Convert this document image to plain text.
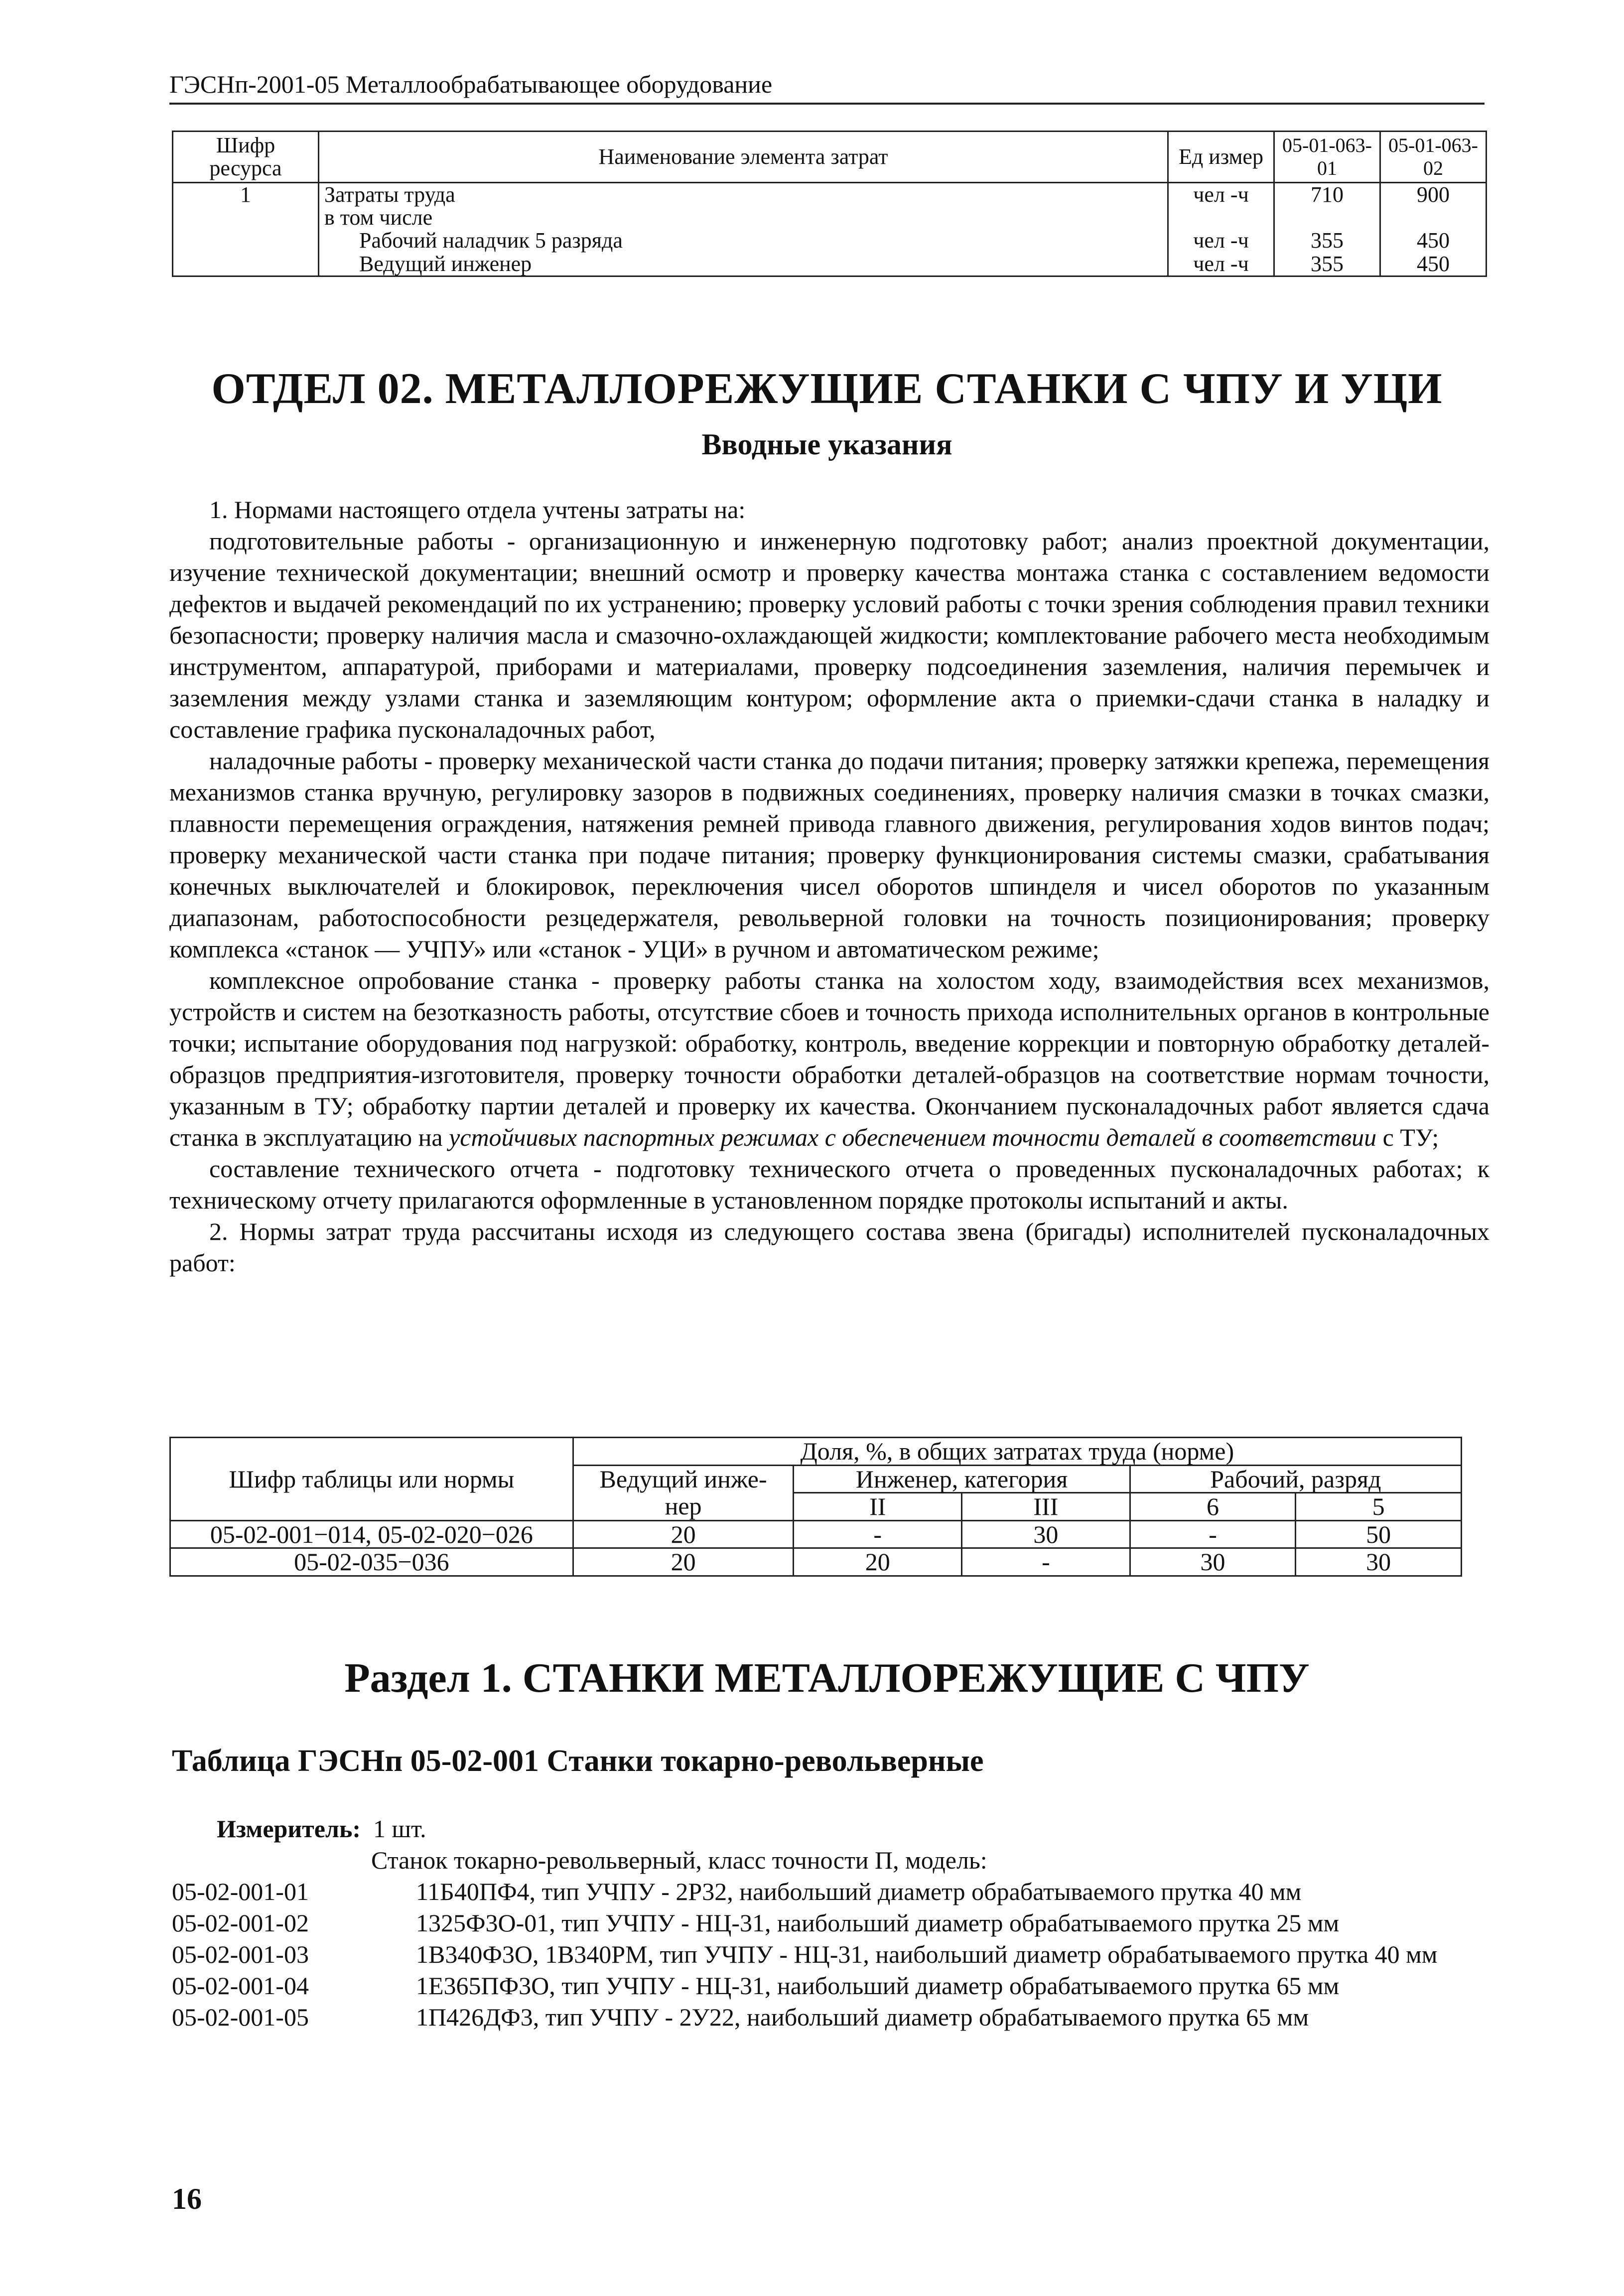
ГЭСНп-2001-05 Металлообрабатывающее оборудование
Шифр ресурса	Наименование элемента затрат	Ед измер	05-01-063-01	05-01-063-02
1	Затраты труда	чел -ч	710	900
	в том числе			
	Рабочий наладчик 5 разряда	чел -ч	355	450
	Ведущий инженер	чел -ч	355	450
ОТДЕЛ 02. МЕТАЛЛОРЕЖУЩИЕ СТАНКИ С ЧПУ И УЦИ
Вводные указания

1. Нормами настоящего отдела учтены затраты на:

подготовительные работы - организационную и инженерную подготовку работ; анализ проектной документации, изучение технической документации; внешний осмотр и проверку качества монтажа станка с составлением ведомости дефектов и выдачей рекомендаций по их устранению; проверку условий работы с точки зрения соблюдения правил техники безопасности; проверку наличия масла и смазочно-охлаждающей жидкости; комплектование рабочего места необходимым инструментом, аппаратурой, приборами и материалами, проверку подсоединения заземления, наличия перемычек и заземления между узлами станка и заземляющим контуром; оформление акта о приемки-сдачи станка в наладку и составление графика пусконаладочных работ,

наладочные работы - проверку механической части станка до подачи питания; проверку затяжки крепежа, перемещения механизмов станка вручную, регулировку зазоров в подвижных соединениях, проверку наличия смазки в точках смазки, плавности перемещения ограждения, натяжения ремней привода главного движения, регулирования ходов винтов подач; проверку механической части станка при подаче питания; проверку функционирования системы смазки, срабатывания конечных выключателей и блокировок, переключения чисел оборотов шпинделя и чисел оборотов по указанным диапазонам, работоспособности резцедержателя, револьверной головки на точность позиционирования; проверку комплекса «станок — УЧПУ» или «станок - УЦИ» в ручном и автоматическом режиме;

комплексное опробование станка - проверку работы станка на холостом ходу, взаимодействия всех механизмов, устройств и систем на безотказность работы, отсутствие сбоев и точность прихода исполнительных органов в контрольные точки; испытание оборудования под нагрузкой: обработку, контроль, введение коррекции и повторную обработку деталей-образцов предприятия-изготовителя, проверку точности обработки деталей-образцов на соответствие нормам точности, указанным в ТУ; обработку партии деталей и проверку их качества. Окончанием пусконаладочных работ является сдача станка в эксплуатацию на устойчивых паспортных режимах с обеспечением точности деталей в соответствии с ТУ;

составление технического отчета - подготовку технического отчета о проведенных пусконаладочных работах; к техническому отчету прилагаются оформленные в установленном порядке протоколы испытаний и акты.

2. Нормы затрат труда рассчитаны исходя из следующего состава звена (бригады) исполнителей пусконаладочных работ:

Шифр таблицы или нормы	Доля, %, в общих затратах труда (норме)				
	Ведущий инже-	Инженер, категория		Рабочий, разряд	
	нер	II	III	6	5
05-02-001−014, 05-02-020−026	20	-	30	-	50
05-02-035−036	20	20	-	30	30
Раздел 1. СТАНКИ МЕТАЛЛОРЕЖУЩИЕ С ЧПУ
Таблица ГЭСНп 05-02-001 Станки токарно-револьверные
Измеритель:
1 шт.
Станок токарно-револьверный, класс точности П, модель:
05-02-001-01	11Б40ПФ4, тип УЧПУ - 2Р32, наибольший диаметр обрабатываемого прутка 40 мм
05-02-001-02	1325Ф3О-01, тип УЧПУ - НЦ-31, наибольший диаметр обрабатываемого прутка 25 мм
05-02-001-03	1В340Ф3О, 1В340РМ, тип УЧПУ - НЦ-31, наибольший диаметр обрабатываемого прутка 40 мм
05-02-001-04	1Е365ПФ3О, тип УЧПУ - НЦ-31, наибольший диаметр обрабатываемого прутка 65 мм
05-02-001-05	1П426ДФ3, тип УЧПУ - 2У22, наибольший диаметр обрабатываемого прутка 65 мм
16
